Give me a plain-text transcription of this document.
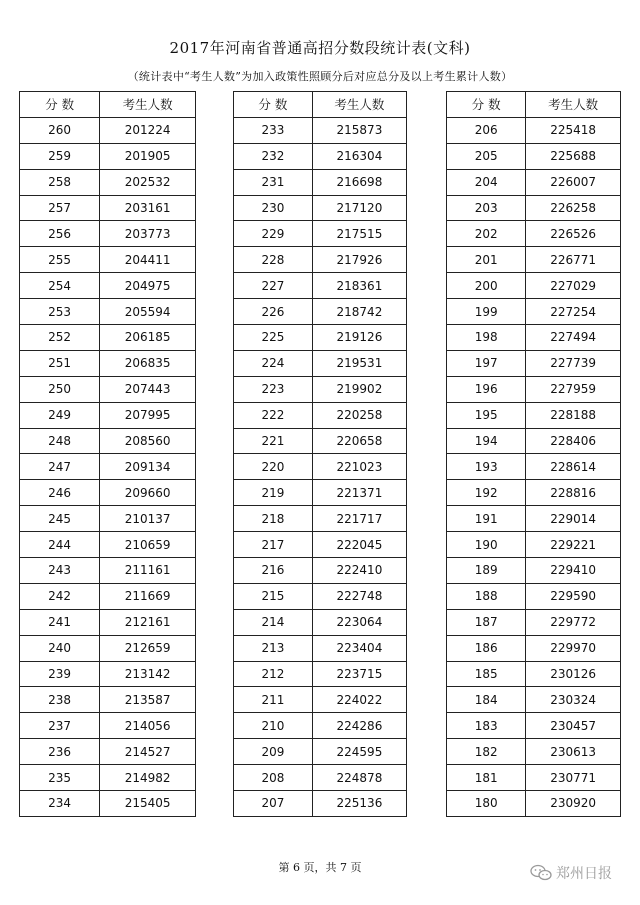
2017年河南省普通高招分数段统计表(文科)
（统计表中“考生人数”为加入政策性照顾分后对应总分及以上考生累计人数）
分 数	考生人数
260	201224
259	201905
258	202532
257	203161
256	203773
255	204411
254	204975
253	205594
252	206185
251	206835
250	207443
249	207995
248	208560
247	209134
246	209660
245	210137
244	210659
243	211161
242	211669
241	212161
240	212659
239	213142
238	213587
237	214056
236	214527
235	214982
234	215405
分 数	考生人数
233	215873
232	216304
231	216698
230	217120
229	217515
228	217926
227	218361
226	218742
225	219126
224	219531
223	219902
222	220258
221	220658
220	221023
219	221371
218	221717
217	222045
216	222410
215	222748
214	223064
213	223404
212	223715
211	224022
210	224286
209	224595
208	224878
207	225136
分 数	考生人数
206	225418
205	225688
204	226007
203	226258
202	226526
201	226771
200	227029
199	227254
198	227494
197	227739
196	227959
195	228188
194	228406
193	228614
192	228816
191	229014
190	229221
189	229410
188	229590
187	229772
186	229970
185	230126
184	230324
183	230457
182	230613
181	230771
180	230920
第 6 页，共 7 页	郑州日报
